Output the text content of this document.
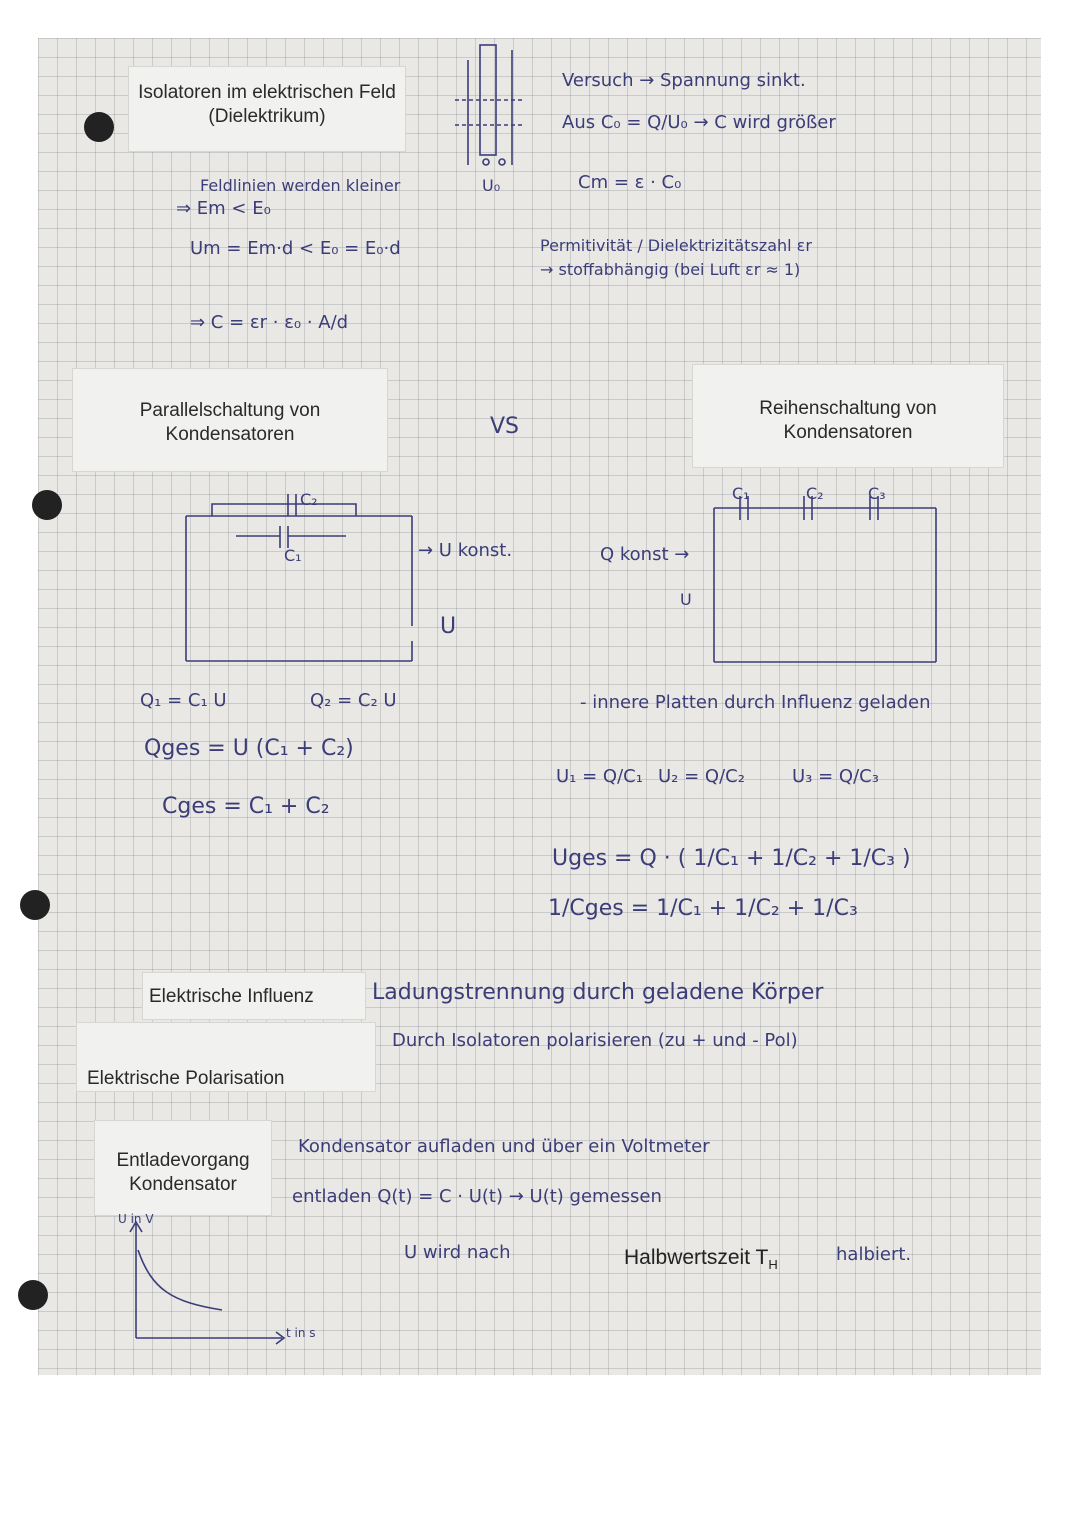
Isolatoren im elektrischen Feld (Dielektrikum)
U₀
Versuch → Spannung sinkt.
Aus C₀ = Q/U₀ → C wird größer
Cm = ε · C₀
Feldlinien werden kleiner
⇒ Em < E₀
Um = Em·d < E₀ = E₀·d
⇒ C = εr · ε₀ · A/d
Permitivität / Dielektrizitätszahl εr
→ stoffabhängig (bei Luft εr ≈ 1)
Parallelschaltung von Kondensatoren
Reihenschaltung von Kondensatoren
VS
C₂
C₁	→ U konst.
U
C₁	C₂	C₃
Q konst →
U
Q₁ = C₁ U	Q₂ = C₂ U
Qges = U (C₁ + C₂)
Cges = C₁ + C₂
- innere Platten durch Influenz geladen
U₁ = Q/C₁ U₂ = Q/C₂	U₃ = Q/C₃
Uges = Q · ( 1/C₁ + 1/C₂ + 1/C₃ )
1/Cges = 1/C₁ + 1/C₂ + 1/C₃
Elektrische Influenz	Ladungstrennung durch geladene Körper
Durch Isolatoren polarisieren (zu + und - Pol)
Elektrische Polarisation
Entladevorgang Kondensator
Kondensator aufladen und über ein Voltmeter
entladen Q(t) = C · U(t) → U(t) gemessen
U wird nach	Halbwertszeit $T_H$	halbiert.
U in V
t in s
